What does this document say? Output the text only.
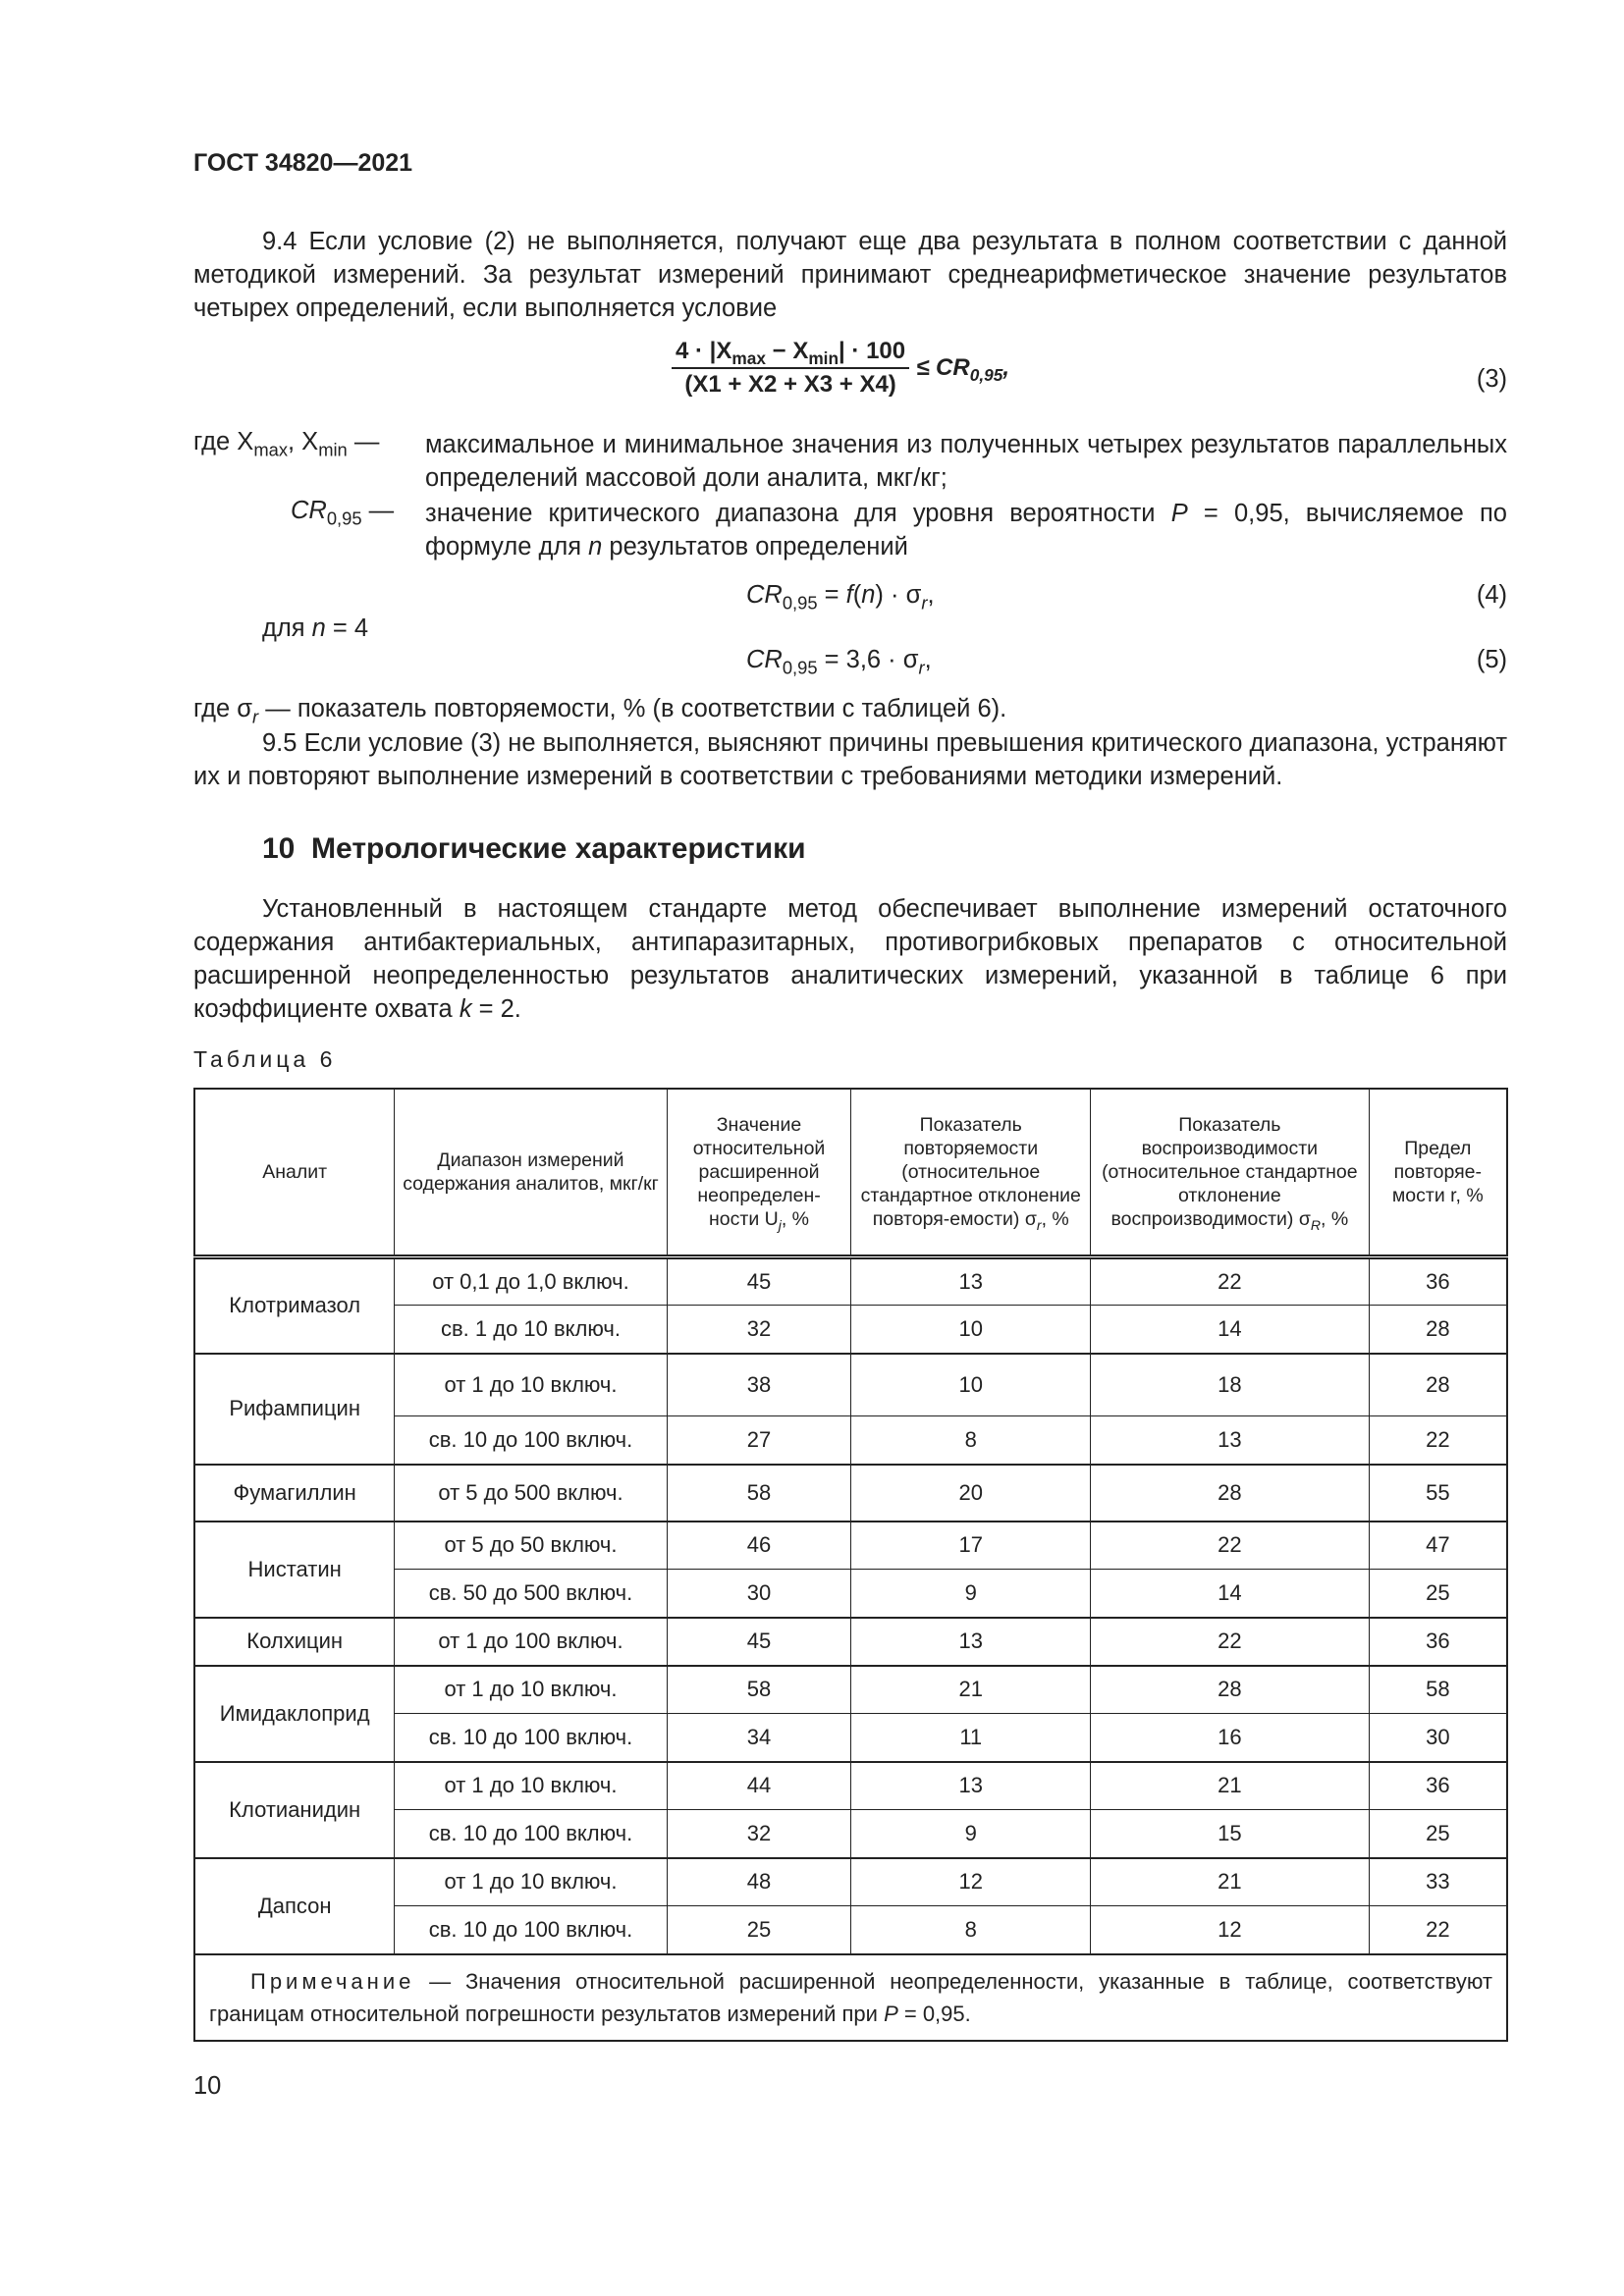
ГОСТ 34820—2021
9.4 Если условие (2) не выполняется, получают еще два результата в полном соответствии с данной методикой измерений. За результат измерений принимают среднеарифметическое значение результатов четырех определений, если выполняется условие
$\frac{4 \cdot |X_{max} - X_{min}| \cdot 100}{(X1 + X2 + X3 + X4)} \le CR_{0,95}$,	(3)
где $X_{max}$, $X_{min}$ — максимальное и минимальное значения из полученных четырех результатов параллельных определений массовой доли аналита, мкг/кг;
$CR_{0,95}$ — значение критического диапазона для уровня вероятности P = 0,95, вычисляемое по формуле для n результатов определений
$CR_{0,95} = f(n) \cdot \sigma_r$,	(4)
для n = 4
$CR_{0,95} = 3,6 \cdot \sigma_r$,	(5)
где $\sigma_r$ — показатель повторяемости, % (в соответствии с таблицей 6).
9.5 Если условие (3) не выполняется, выясняют причины превышения критического диапазона, устраняют их и повторяют выполнение измерений в соответствии с требованиями методики измерений.
10  Метрологические характеристики
Установленный в настоящем стандарте метод обеспечивает выполнение измерений остаточного содержания антибактериальных, антипаразитарных, противогрибковых препаратов с относительной расширенной неопределенностью результатов аналитических измерений, указанной в таблице 6 при коэффициенте охвата k = 2.
Таблица 6
Аналит	Диапазон измерений содержания аналитов, мкг/кг	Значение относительной расширенной неопределен-ности $U_j$, %	Показатель повторяемости (относительное стандартное отклонение повторя-емости) $\sigma_r$, %	Показатель воспроизводимости (относительное стандартное отклонение воспроизводимости) $\sigma_R$, %	Предел повторяе-мости r, %
Клотримазол	от 0,1 до 1,0 включ.	45	13	22	36
	св. 1 до 10 включ.	32	10	14	28
Рифампицин	от 1 до 10 включ.	38	10	18	28
	св. 10 до 100 включ.	27	8	13	22
Фумагиллин	от 5 до 500 включ.	58	20	28	55
Нистатин	от 5 до 50 включ.	46	17	22	47
	св. 50 до 500 включ.	30	9	14	25
Колхицин	от 1 до 100 включ.	45	13	22	36
Имидаклоприд	от 1 до 10 включ.	58	21	28	58
	св. 10 до 100 включ.	34	11	16	30
Клотианидин	от 1 до 10 включ.	44	13	21	36
	св. 10 до 100 включ.	32	9	15	25
Дапсон	от 1 до 10 включ.	48	12	21	33
	св. 10 до 100 включ.	25	8	12	22
Примечание — Значения относительной расширенной неопределенности, указанные в таблице, соответствуют границам относительной погрешности результатов измерений при P = 0,95.					
10
